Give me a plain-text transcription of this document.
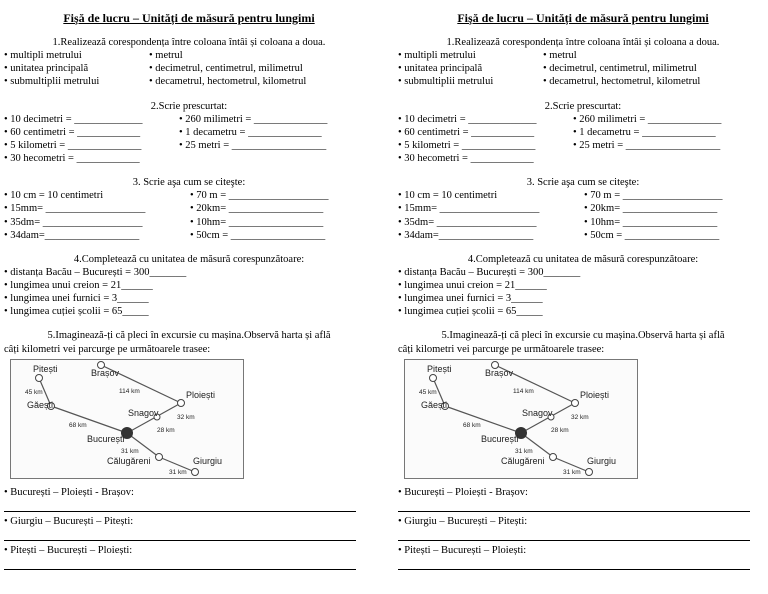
Fişă de lucru – Unități de măsură pentru lungimi
1.Realizează corespondența între coloana întâi și coloana a doua.
• multipli metrului	• metrul
• unitatea principală	• decimetrul, centimetrul, milimetrul
• submultiplii metrului	• decametrul, hectometrul, kilometrul
2.Scrie prescurtat:
• 10 decimetri = _____________	• 260 milimetri = ______________
• 60 centimetri = ____________	• 1 decametru = ______________
• 5 kilometri = ______________	• 25 metri = __________________
• 30 hecometri = ____________
3. Scrie aşa cum se citeşte:
• 10 cm = 10 centimetri	• 70 m = ___________________
• 15mm= ___________________	• 20km= __________________
• 35dm= ___________________	• 10hm= __________________
• 34dam=__________________	• 50cm = __________________
4.Completează cu unitatea de măsură corespunzătoare:
• distanța Bacău – București = 300_______
• lungimea unui creion = 21______
• lungimea unei furnici = 3______
• lungimea cuției școlii = 65_____
5.Imaginează-ți că pleci în excursie cu mașina.Observă harta și află
câți kilometri vei parcurge pe următoarele trasee:
Pitești	Brașov
Găești
Ploiești
Snagov
București
Călugăreni	Giurgiu
45 km	114 km
68 km
32 km
28 km
31 km
31 km
• București – Ploiești - Brașov:
• Giurgiu – București – Pitești:
• Pitești – București – Ploiești:
Fişă de lucru – Unități de măsură pentru lungimi
1.Realizează corespondența între coloana întâi și coloana a doua.
• multipli metrului	• metrul
• unitatea principală	• decimetrul, centimetrul, milimetrul
• submultiplii metrului	• decametrul, hectometrul, kilometrul
2.Scrie prescurtat:
• 10 decimetri = _____________	• 260 milimetri = ______________
• 60 centimetri = ____________	• 1 decametru = ______________
• 5 kilometri = ______________	• 25 metri = __________________
• 30 hecometri = ____________
3. Scrie aşa cum se citeşte:
• 10 cm = 10 centimetri	• 70 m = ___________________
• 15mm= ___________________	• 20km= __________________
• 35dm= ___________________	• 10hm= __________________
• 34dam=__________________	• 50cm = __________________
4.Completează cu unitatea de măsură corespunzătoare:
• distanța Bacău – București = 300_______
• lungimea unui creion = 21______
• lungimea unei furnici = 3______
• lungimea cuției școlii = 65_____
5.Imaginează-ți că pleci în excursie cu mașina.Observă harta și află
câți kilometri vei parcurge pe următoarele trasee:
Pitești	Brașov
Găești
Ploiești
Snagov
București
Călugăreni	Giurgiu
45 km	114 km
68 km
32 km
28 km
31 km
31 km
• București – Ploiești - Brașov:
• Giurgiu – București – Pitești:
• Pitești – București – Ploiești:
